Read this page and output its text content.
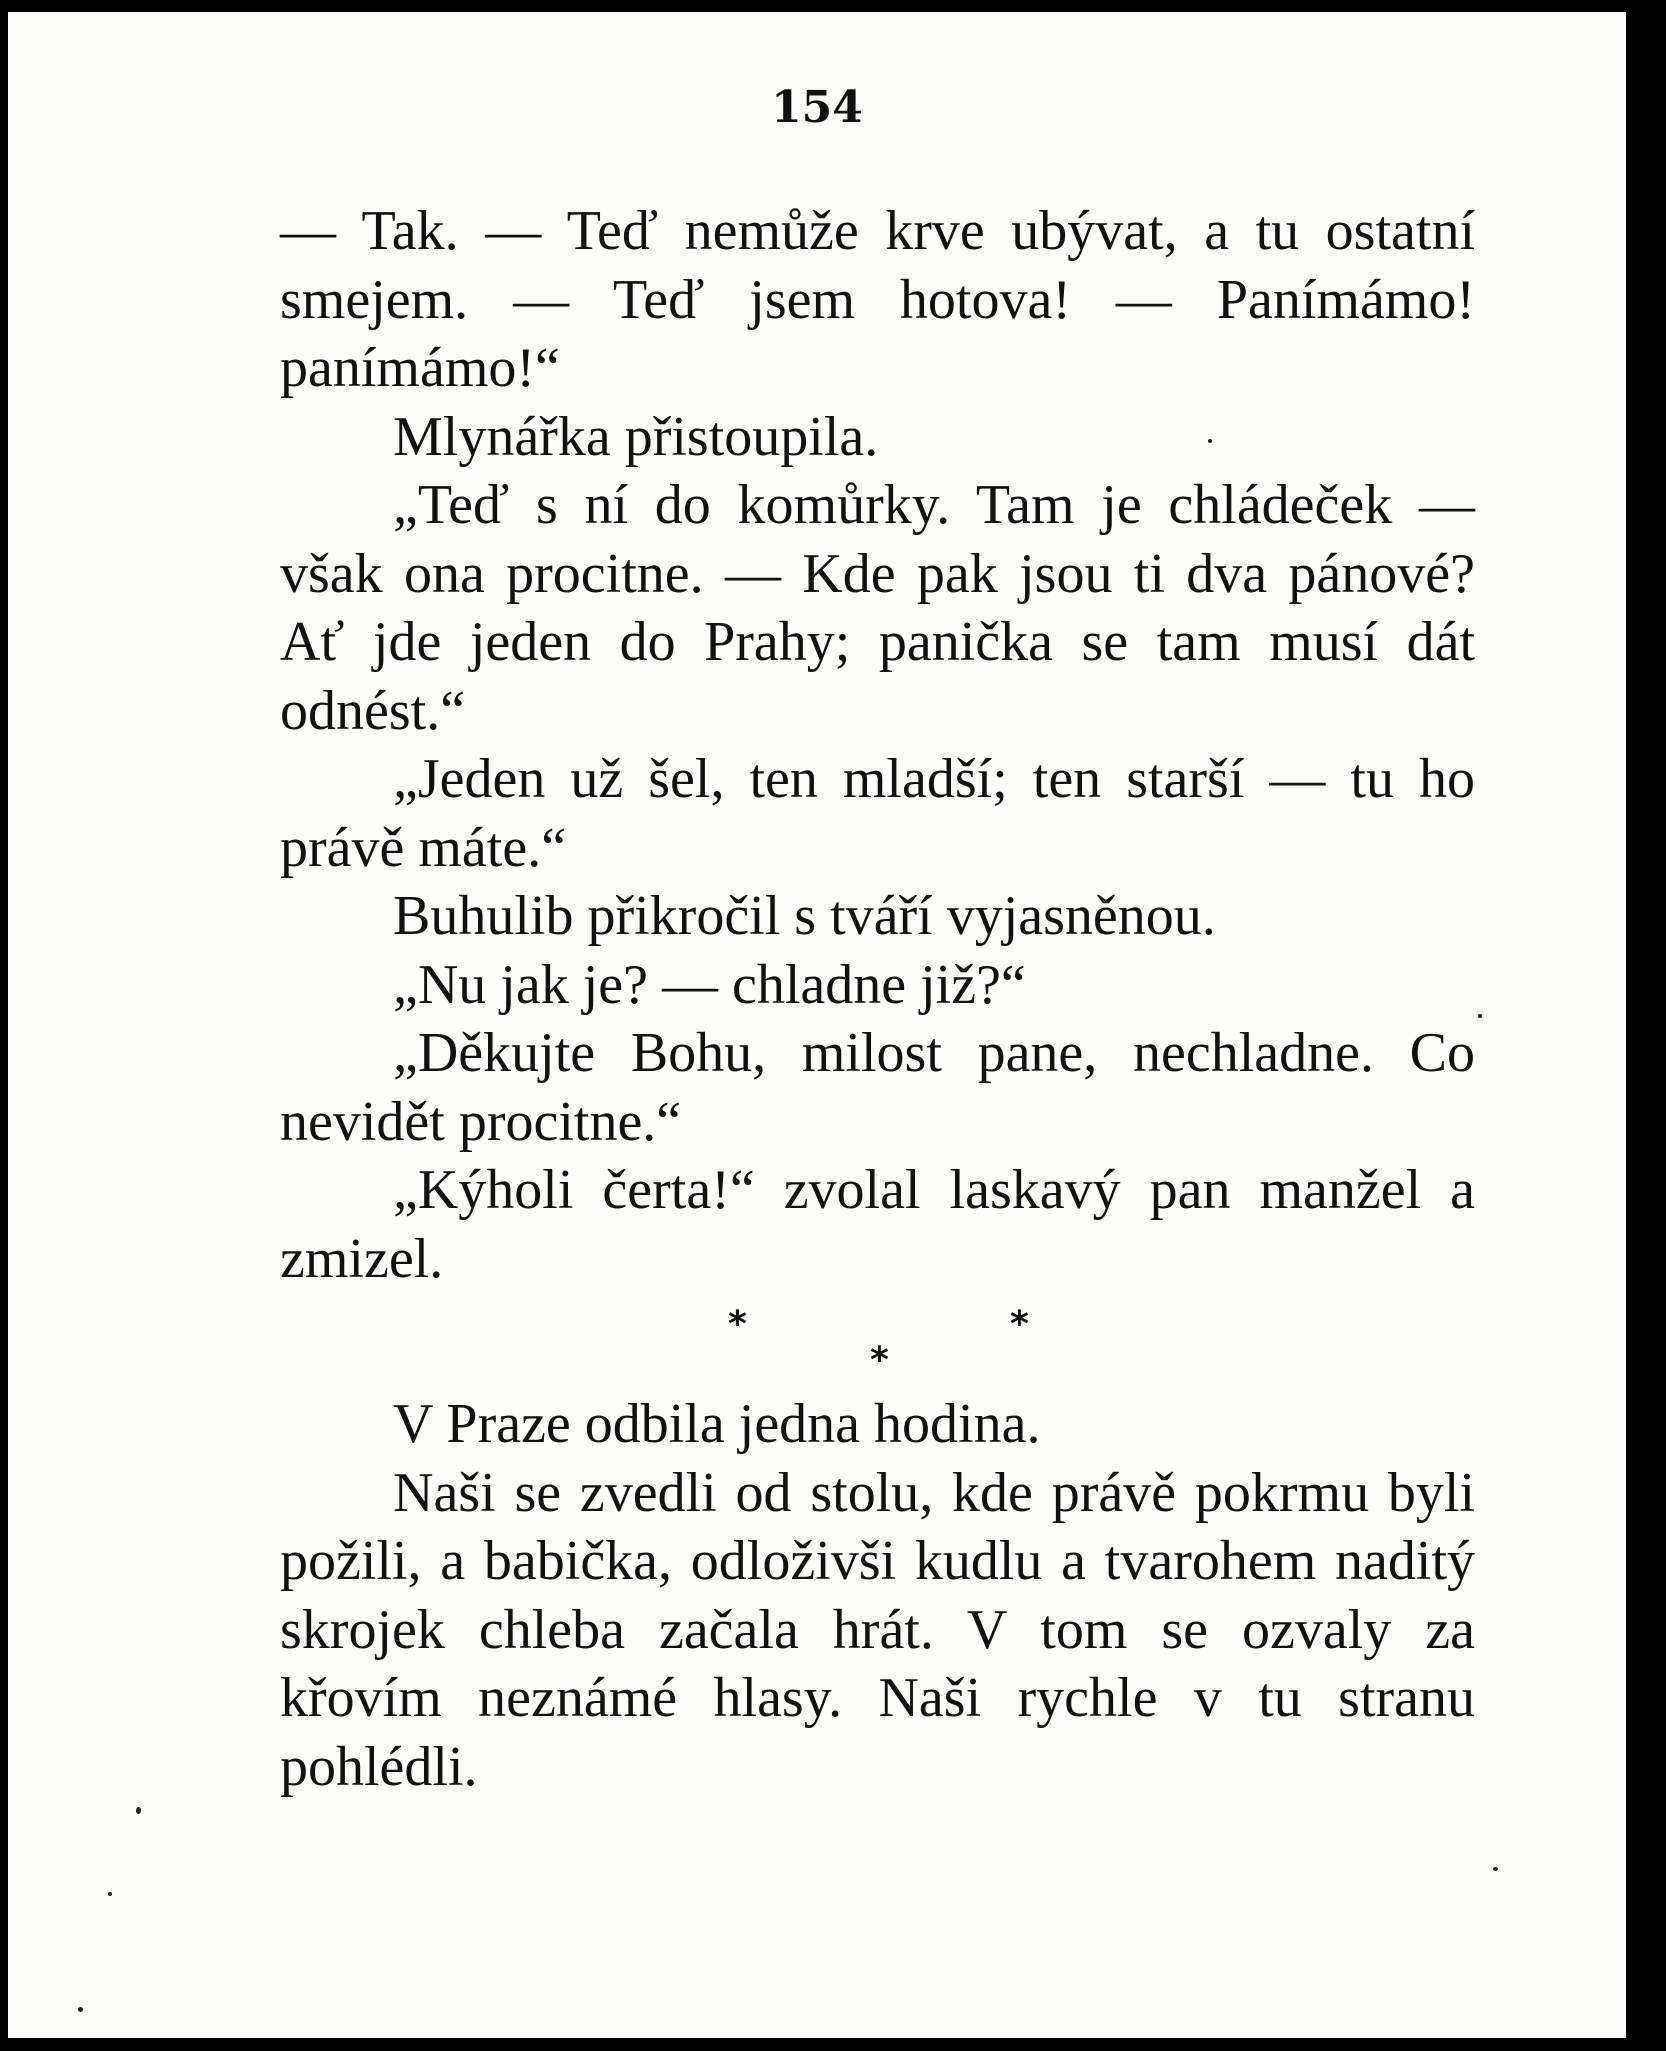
154

— Tak. — Teď nemůže krve ubývat, a tu ostatní smejem. — Teď jsem hotova! — Panímámo! panímámo!“

Mlynářka přistoupila.

„Teď s ní do komůrky. Tam je chládeček — však ona procitne. — Kde pak jsou ti dva pánové? Ať jde jeden do Prahy; panička se tam musí dát odnést.“

„Jeden už šel, ten mladší; ten starší — tu ho právě máte.“

Buhulib přikročil s tváří vyjasněnou.

„Nu jak je? — chladne již?“

„Děkujte Bohu, milost pane, nechladne. Co nevidět procitne.“

„Kýholi čerta!“ zvolal laskavý pan manžel a zmizel.

*
*
*

V Praze odbila jedna hodina.

Naši se zvedli od stolu, kde právě pokrmu byli požili, a babička, odloživši kudlu a tvarohem naditý skrojek chleba začala hrát. V tom se ozvaly za křovím neznámé hlasy. Naši rychle v tu stranu pohlédli.
